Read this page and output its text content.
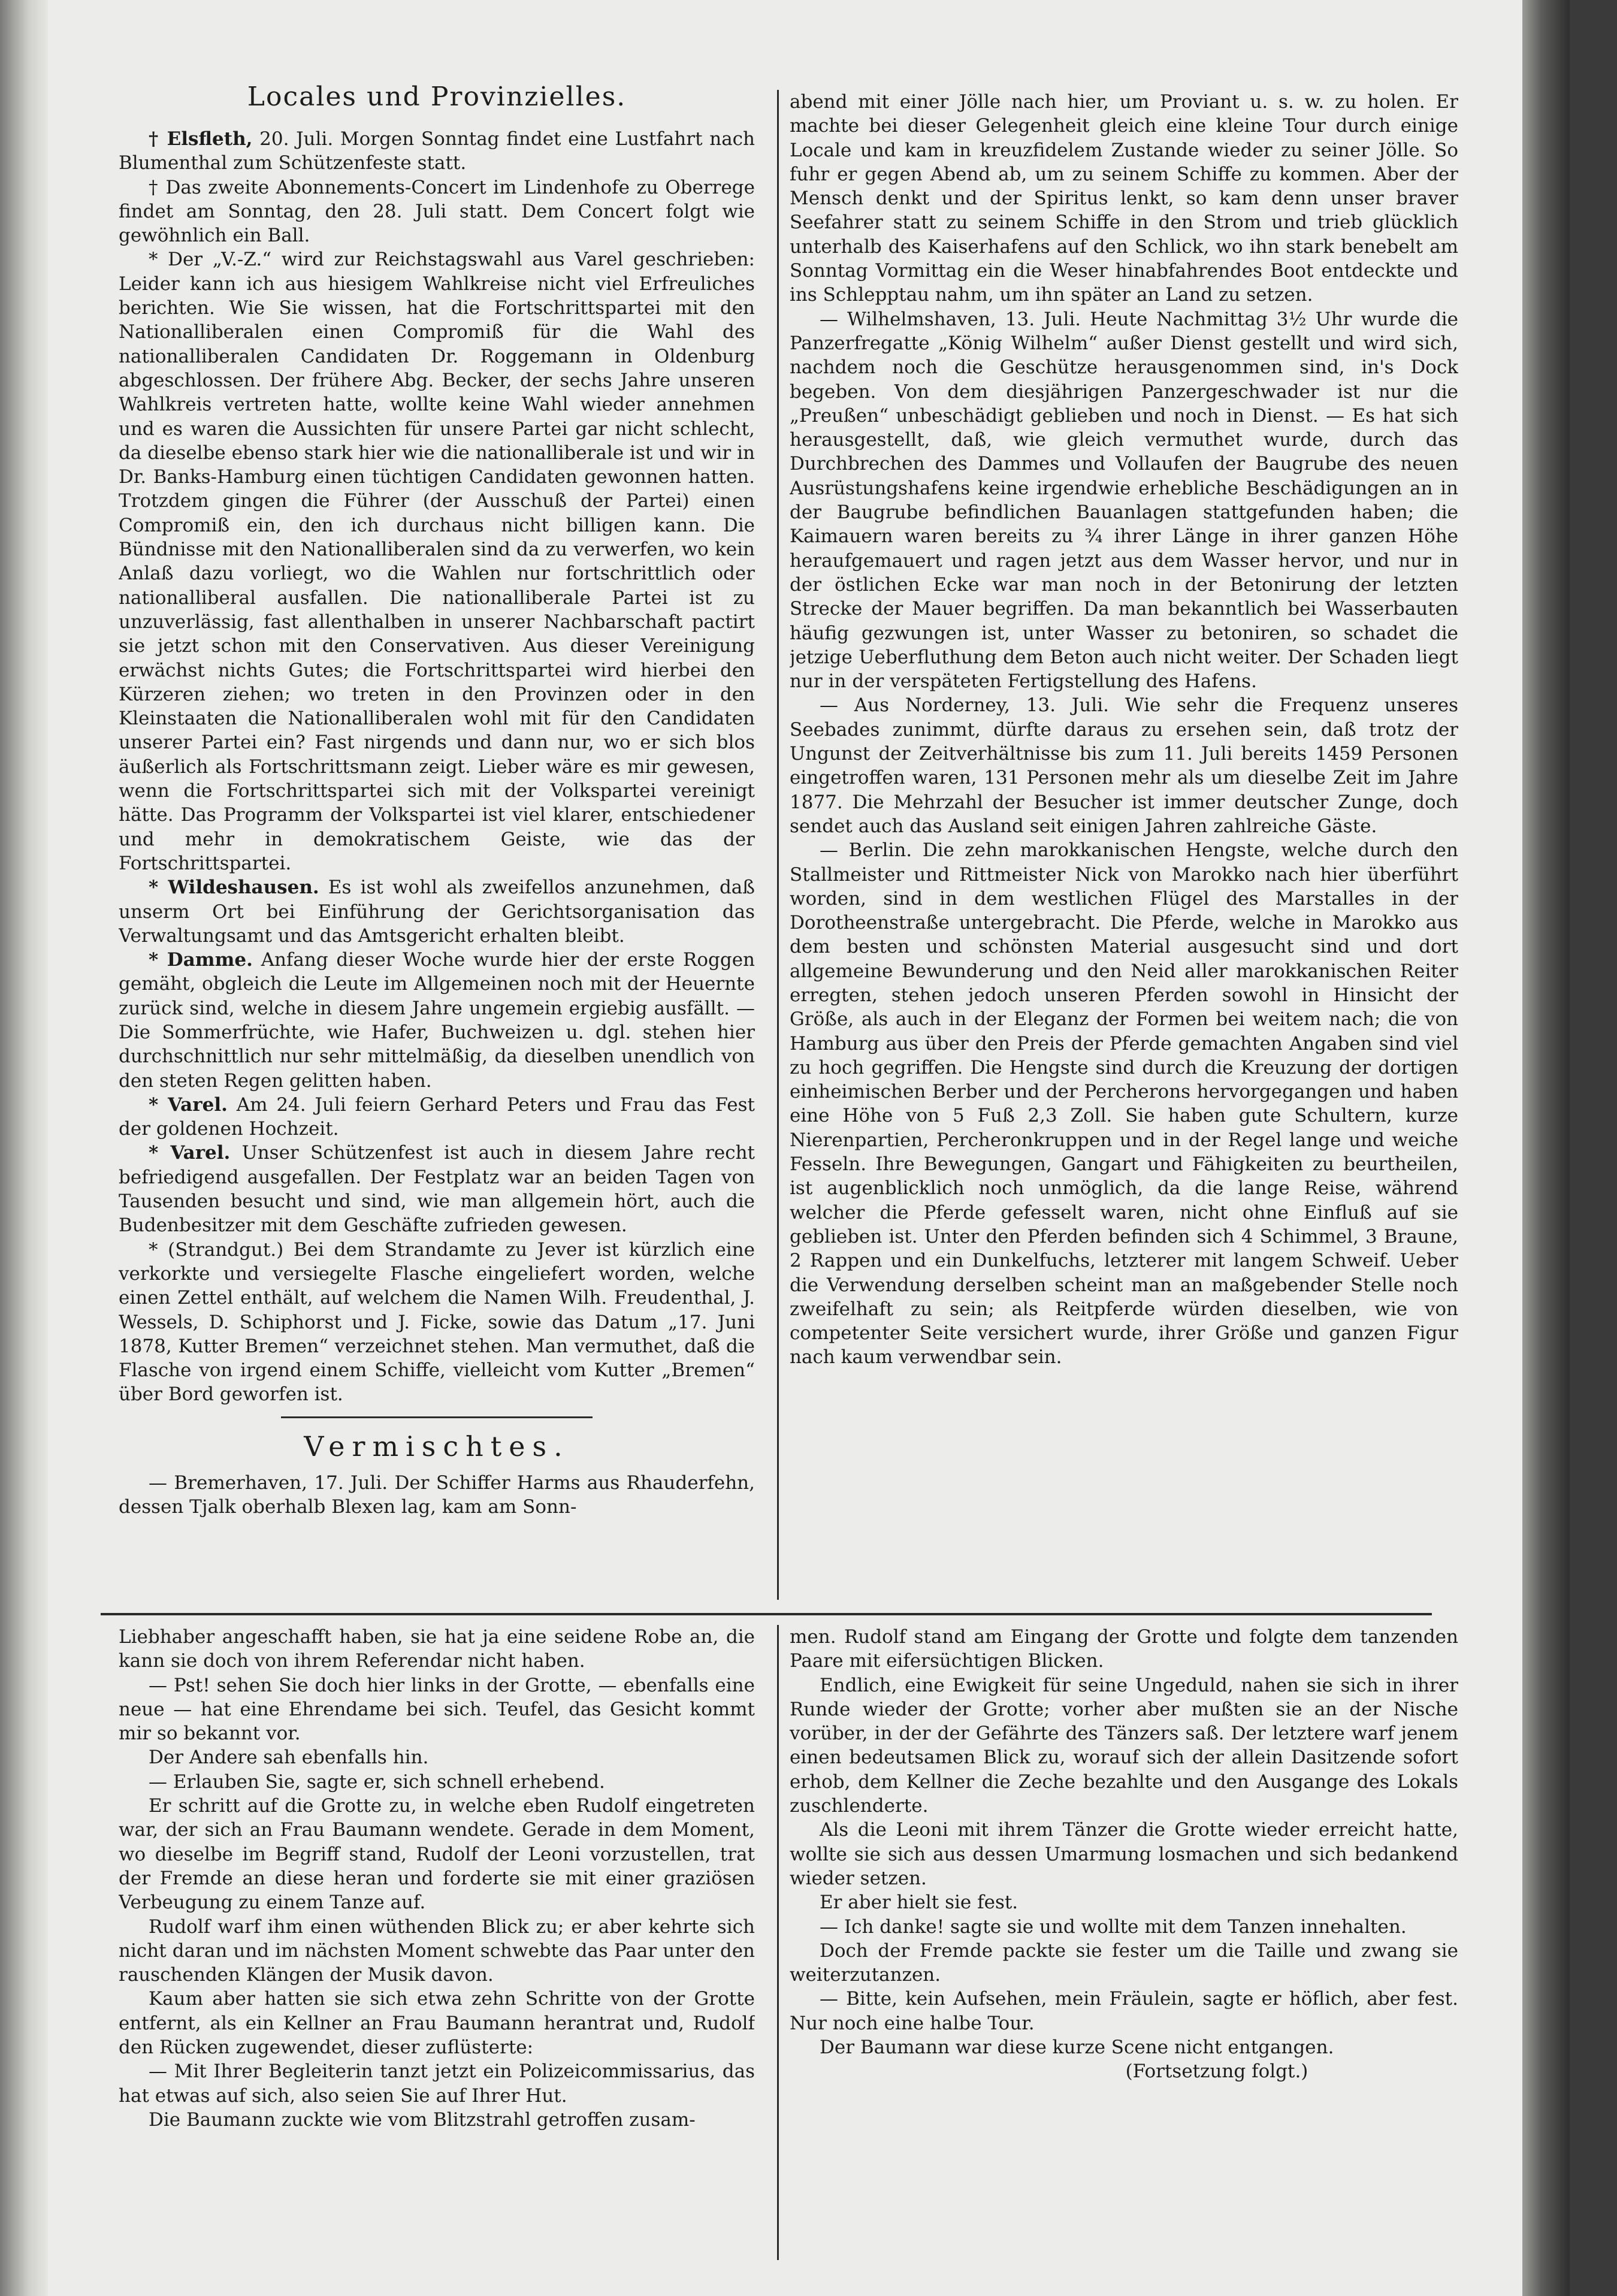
Locales und Provinzielles.

† Elsfleth, 20. Juli. Morgen Sonntag findet eine Lustfahrt nach Blumenthal zum Schützenfeste statt.

† Das zweite Abonnements-Concert im Lindenhofe zu Oberrege findet am Sonntag, den 28. Juli statt. Dem Concert folgt wie gewöhnlich ein Ball.

* Der „V.-Z.“ wird zur Reichstagswahl aus Varel geschrieben: Leider kann ich aus hiesigem Wahlkreise nicht viel Erfreuliches berichten. Wie Sie wissen, hat die Fortschrittspartei mit den Nationalliberalen einen Compromiß für die Wahl des nationalliberalen Candidaten Dr. Roggemann in Oldenburg abgeschlossen. Der frühere Abg. Becker, der sechs Jahre unseren Wahlkreis vertreten hatte, wollte keine Wahl wieder annehmen und es waren die Aussichten für unsere Partei gar nicht schlecht, da dieselbe ebenso stark hier wie die nationalliberale ist und wir in Dr. Banks-Hamburg einen tüchtigen Candidaten gewonnen hatten. Trotzdem gingen die Führer (der Ausschuß der Partei) einen Compromiß ein, den ich durchaus nicht billigen kann. Die Bündnisse mit den Nationalliberalen sind da zu verwerfen, wo kein Anlaß dazu vorliegt, wo die Wahlen nur fortschrittlich oder nationalliberal ausfallen. Die nationalliberale Partei ist zu unzuverlässig, fast allenthalben in unserer Nachbarschaft pactirt sie jetzt schon mit den Conservativen. Aus dieser Vereinigung erwächst nichts Gutes; die Fortschrittspartei wird hierbei den Kürzeren ziehen; wo treten in den Provinzen oder in den Kleinstaaten die Nationalliberalen wohl mit für den Candidaten unserer Partei ein? Fast nirgends und dann nur, wo er sich blos äußerlich als Fortschrittsmann zeigt. Lieber wäre es mir gewesen, wenn die Fortschrittspartei sich mit der Volkspartei vereinigt hätte. Das Programm der Volkspartei ist viel klarer, entschiedener und mehr in demokratischem Geiste, wie das der Fortschrittspartei.

* Wildeshausen. Es ist wohl als zweifellos anzunehmen, daß unserm Ort bei Einführung der Gerichtsorganisation das Verwaltungsamt und das Amtsgericht erhalten bleibt.

* Damme. Anfang dieser Woche wurde hier der erste Roggen gemäht, obgleich die Leute im Allgemeinen noch mit der Heuernte zurück sind, welche in diesem Jahre ungemein ergiebig ausfällt. — Die Sommerfrüchte, wie Hafer, Buchweizen u. dgl. stehen hier durchschnittlich nur sehr mittelmäßig, da dieselben unendlich von den steten Regen gelitten haben.

* Varel. Am 24. Juli feiern Gerhard Peters und Frau das Fest der goldenen Hochzeit.

* Varel. Unser Schützenfest ist auch in diesem Jahre recht befriedigend ausgefallen. Der Festplatz war an beiden Tagen von Tausenden besucht und sind, wie man allgemein hört, auch die Budenbesitzer mit dem Geschäfte zufrieden gewesen.

* (Strandgut.) Bei dem Strandamte zu Jever ist kürzlich eine verkorkte und versiegelte Flasche eingeliefert worden, welche einen Zettel enthält, auf welchem die Namen Wilh. Freudenthal, J. Wessels, D. Schiphorst und J. Ficke, sowie das Datum „17. Juni 1878, Kutter Bremen“ verzeichnet stehen. Man vermuthet, daß die Flasche von irgend einem Schiffe, vielleicht vom Kutter „Bremen“ über Bord geworfen ist.

Vermischtes.

— Bremerhaven, 17. Juli. Der Schiffer Harms aus Rhauderfehn, dessen Tjalk oberhalb Blexen lag, kam am Sonn-

abend mit einer Jölle nach hier, um Proviant u. s. w. zu holen. Er machte bei dieser Gelegenheit gleich eine kleine Tour durch einige Locale und kam in kreuzfidelem Zustande wieder zu seiner Jölle. So fuhr er gegen Abend ab, um zu seinem Schiffe zu kommen. Aber der Mensch denkt und der Spiritus lenkt, so kam denn unser braver Seefahrer statt zu seinem Schiffe in den Strom und trieb glücklich unterhalb des Kaiserhafens auf den Schlick, wo ihn stark benebelt am Sonntag Vormittag ein die Weser hinabfahrendes Boot entdeckte und ins Schlepptau nahm, um ihn später an Land zu setzen.

— Wilhelmshaven, 13. Juli. Heute Nachmittag 3½ Uhr wurde die Panzerfregatte „König Wilhelm“ außer Dienst gestellt und wird sich, nachdem noch die Geschütze herausgenommen sind, in's Dock begeben. Von dem diesjährigen Panzergeschwader ist nur die „Preußen“ unbeschädigt geblieben und noch in Dienst. — Es hat sich herausgestellt, daß, wie gleich vermuthet wurde, durch das Durchbrechen des Dammes und Vollaufen der Baugrube des neuen Ausrüstungshafens keine irgendwie erhebliche Beschädigungen an in der Baugrube befindlichen Bauanlagen stattgefunden haben; die Kaimauern waren bereits zu ¾ ihrer Länge in ihrer ganzen Höhe heraufgemauert und ragen jetzt aus dem Wasser hervor, und nur in der östlichen Ecke war man noch in der Betonirung der letzten Strecke der Mauer begriffen. Da man bekanntlich bei Wasserbauten häufig gezwungen ist, unter Wasser zu betoniren, so schadet die jetzige Ueberfluthung dem Beton auch nicht weiter. Der Schaden liegt nur in der verspäteten Fertigstellung des Hafens.

— Aus Norderney, 13. Juli. Wie sehr die Frequenz unseres Seebades zunimmt, dürfte daraus zu ersehen sein, daß trotz der Ungunst der Zeitverhältnisse bis zum 11. Juli bereits 1459 Personen eingetroffen waren, 131 Personen mehr als um dieselbe Zeit im Jahre 1877. Die Mehrzahl der Besucher ist immer deutscher Zunge, doch sendet auch das Ausland seit einigen Jahren zahlreiche Gäste.

— Berlin. Die zehn marokkanischen Hengste, welche durch den Stallmeister und Rittmeister Nick von Marokko nach hier überführt worden, sind in dem westlichen Flügel des Marstalles in der Dorotheenstraße untergebracht. Die Pferde, welche in Marokko aus dem besten und schönsten Material ausgesucht sind und dort allgemeine Bewunderung und den Neid aller marokkanischen Reiter erregten, stehen jedoch unseren Pferden sowohl in Hinsicht der Größe, als auch in der Eleganz der Formen bei weitem nach; die von Hamburg aus über den Preis der Pferde gemachten Angaben sind viel zu hoch gegriffen. Die Hengste sind durch die Kreuzung der dortigen einheimischen Berber und der Percherons hervorgegangen und haben eine Höhe von 5 Fuß 2,3 Zoll. Sie haben gute Schultern, kurze Nierenpartien, Percheronkruppen und in der Regel lange und weiche Fesseln. Ihre Bewegungen, Gangart und Fähigkeiten zu beurtheilen, ist augenblicklich noch unmöglich, da die lange Reise, während welcher die Pferde gefesselt waren, nicht ohne Einfluß auf sie geblieben ist. Unter den Pferden befinden sich 4 Schimmel, 3 Braune, 2 Rappen und ein Dunkelfuchs, letzterer mit langem Schweif. Ueber die Verwendung derselben scheint man an maßgebender Stelle noch zweifelhaft zu sein; als Reitpferde würden dieselben, wie von competenter Seite versichert wurde, ihrer Größe und ganzen Figur nach kaum verwendbar sein.

Liebhaber angeschafft haben, sie hat ja eine seidene Robe an, die kann sie doch von ihrem Referendar nicht haben.

— Pst! sehen Sie doch hier links in der Grotte, — ebenfalls eine neue — hat eine Ehrendame bei sich. Teufel, das Gesicht kommt mir so bekannt vor.

Der Andere sah ebenfalls hin.

— Erlauben Sie, sagte er, sich schnell erhebend.

Er schritt auf die Grotte zu, in welche eben Rudolf eingetreten war, der sich an Frau Baumann wendete. Gerade in dem Moment, wo dieselbe im Begriff stand, Rudolf der Leoni vorzustellen, trat der Fremde an diese heran und forderte sie mit einer graziösen Verbeugung zu einem Tanze auf.

Rudolf warf ihm einen wüthenden Blick zu; er aber kehrte sich nicht daran und im nächsten Moment schwebte das Paar unter den rauschenden Klängen der Musik davon.

Kaum aber hatten sie sich etwa zehn Schritte von der Grotte entfernt, als ein Kellner an Frau Baumann herantrat und, Rudolf den Rücken zugewendet, dieser zuflüsterte:

— Mit Ihrer Begleiterin tanzt jetzt ein Polizeicommissarius, das hat etwas auf sich, also seien Sie auf Ihrer Hut.

Die Baumann zuckte wie vom Blitzstrahl getroffen zusam-

men. Rudolf stand am Eingang der Grotte und folgte dem tanzenden Paare mit eifersüchtigen Blicken.

Endlich, eine Ewigkeit für seine Ungeduld, nahen sie sich in ihrer Runde wieder der Grotte; vorher aber mußten sie an der Nische vorüber, in der der Gefährte des Tänzers saß. Der letztere warf jenem einen bedeutsamen Blick zu, worauf sich der allein Dasitzende sofort erhob, dem Kellner die Zeche bezahlte und den Ausgange des Lokals zuschlenderte.

Als die Leoni mit ihrem Tänzer die Grotte wieder erreicht hatte, wollte sie sich aus dessen Umarmung losmachen und sich bedankend wieder setzen.

Er aber hielt sie fest.

— Ich danke! sagte sie und wollte mit dem Tanzen innehalten.

Doch der Fremde packte sie fester um die Taille und zwang sie weiterzutanzen.

— Bitte, kein Aufsehen, mein Fräulein, sagte er höflich, aber fest. Nur noch eine halbe Tour.

Der Baumann war diese kurze Scene nicht entgangen.

(Fortsetzung folgt.)
